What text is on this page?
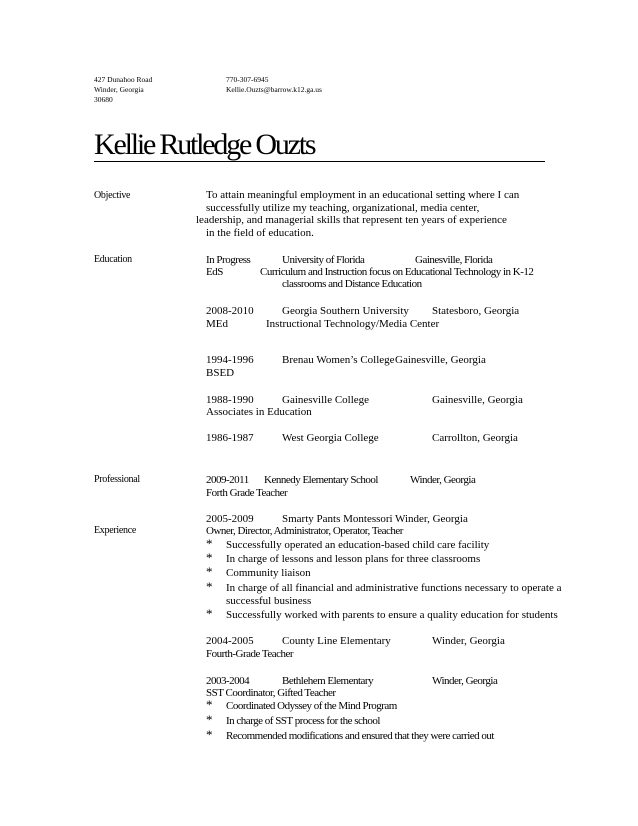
427 Dunahoo Road
Winder, Georgia
30680
770-307-6945
Kellie.Ouzts@barrow.k12.ga.us
Kellie Rutledge Ouzts
Objective	To attain meaningful employment in an educational setting where I can
successfully utilize my teaching, organizational, media center,
leadership, and managerial skills that represent ten years of experience
in the field of education.
Education	In Progress	University of Florida	Gainesville, Florida
EdS	Curriculum and Instruction focus on Educational Technology in K-12
classrooms and Distance Education
2008-2010	Georgia Southern University Statesboro, Georgia
MEd	Instructional Technology/Media Center
1994-1996	Brenau Women’s College Gainesville, Georgia
BSED
1988-1990	Gainesville College	Gainesville, Georgia
Associates in Education
1986-1987	West Georgia College	Carrollton, Georgia
Professional
Experience
2009-2011 Kennedy Elementary School	Winder, Georgia
Forth Grade Teacher
2005-2009	Smarty Pants Montessori Winder, Georgia
Owner, Director, Administrator, Operator, Teacher
* Successfully operated an education-based child care facility
* In charge of lessons and lesson plans for three classrooms
* Community liaison
* In charge of all financial and administrative functions necessary to operate a
successful business
* Successfully worked with parents to ensure a quality education for students
2004-2005	County Line Elementary	Winder, Georgia
Fourth-Grade Teacher
2003-2004	Bethlehem Elementary	Winder, Georgia
SST Coordinator, Gifted Teacher
* Coordinated Odyssey of the Mind Program
* In charge of SST process for the school
* Recommended modifications and ensured that they were carried out
